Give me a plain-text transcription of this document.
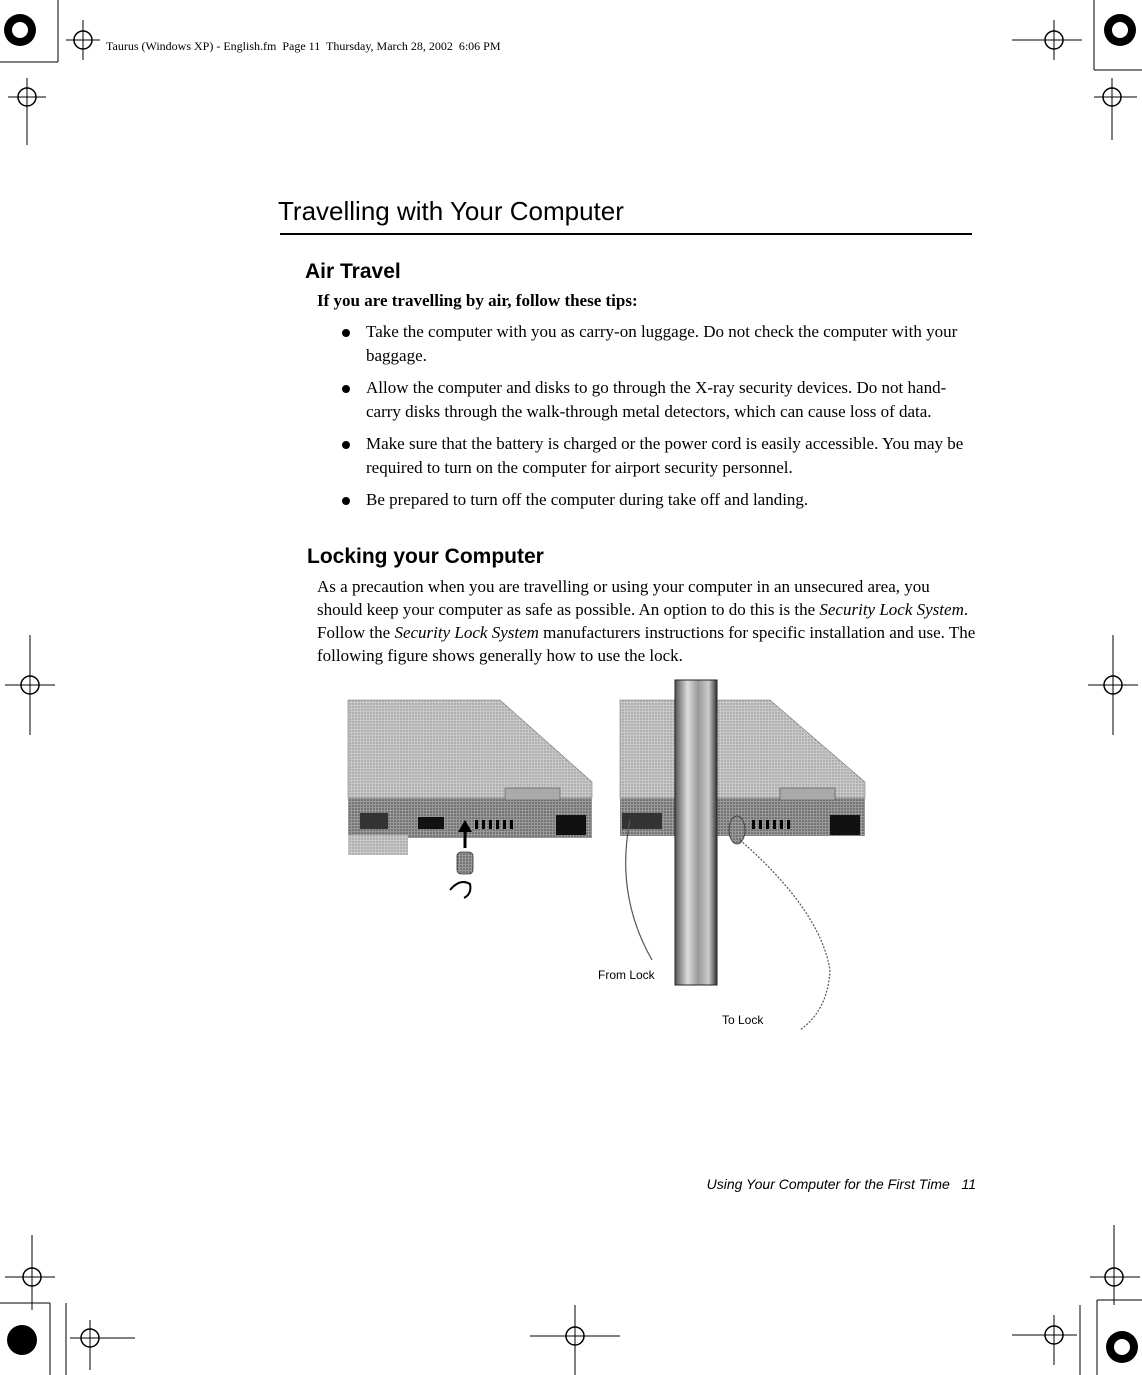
Taurus (Windows XP) - English.fm  Page 11  Thursday, March 28, 2002  6:06 PM
Travelling with Your Computer
Air Travel
If you are travelling by air, follow these tips:
Take the computer with you as carry-on luggage. Do not check the computer with your baggage.
Allow the computer and disks to go through the X-ray security devices. Do not hand-carry disks through the walk-through metal detectors, which can cause loss of data.
Make sure that the battery is charged or the power cord is easily accessible. You may be required to turn on the computer for airport security personnel.
Be prepared to turn off the computer during take off and landing.
Locking your Computer

As a precaution when you are travelling or using your computer in an unsecured area, you should keep your computer as safe as possible. An option to do this is the Security Lock System. Follow the Security Lock System manufacturers instructions for specific installation and use. The following figure shows generally how to use the lock.

From Lock
To Lock
Using Your Computer for the First Time 11
